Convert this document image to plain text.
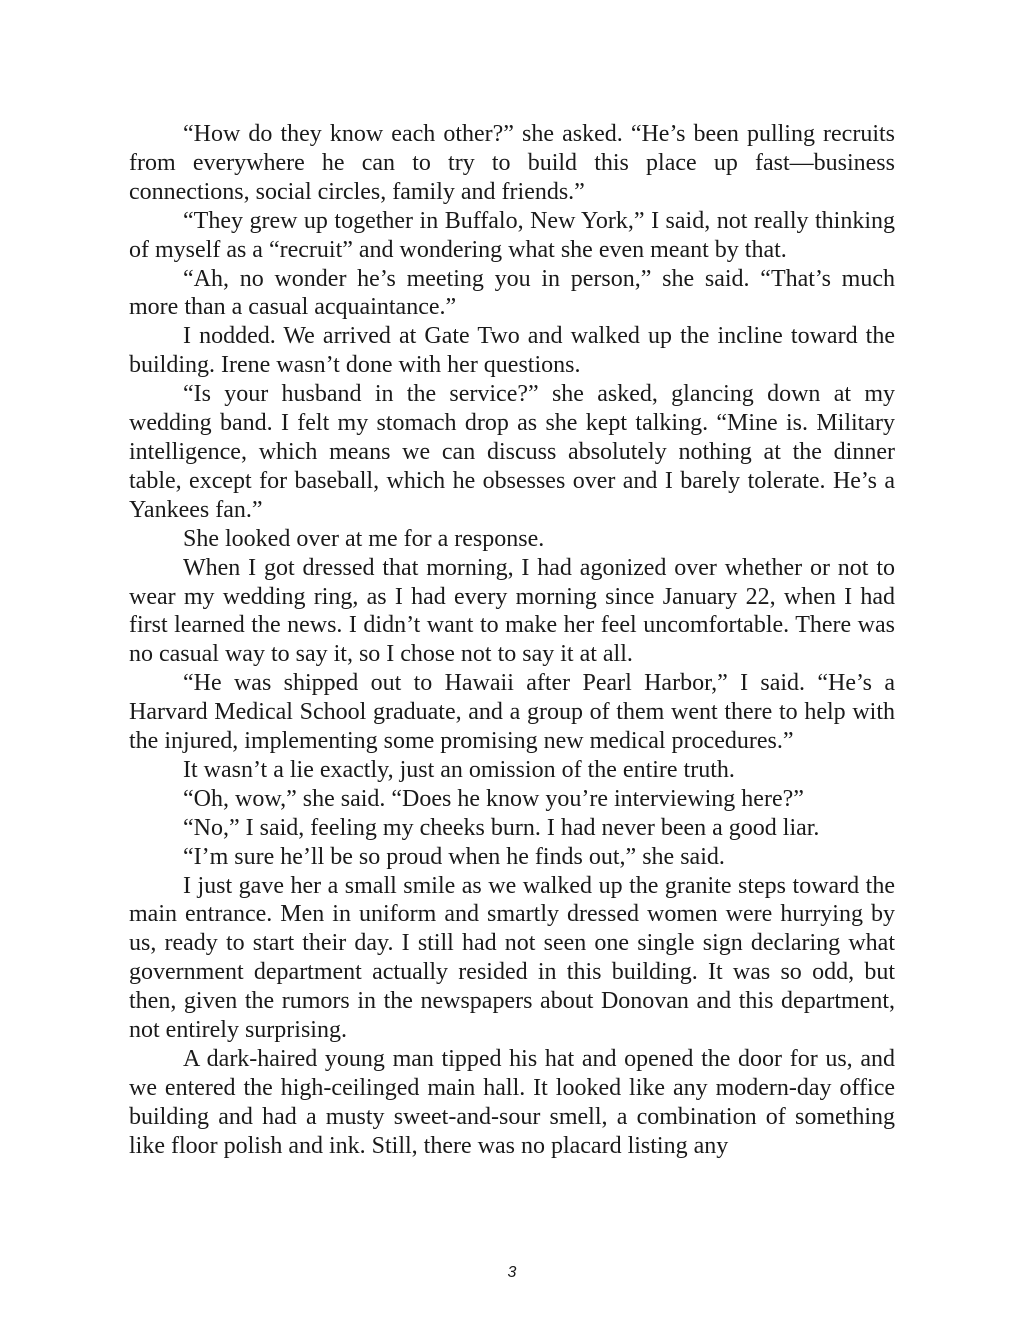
“How do they know each other?” she asked. “He’s been pulling recruits from everywhere he can to try to build this place up fast—business connections, social circles, family and friends.”

“They grew up together in Buffalo, New York,” I said, not really thinking of myself as a “recruit” and wondering what she even meant by that.

“Ah, no wonder he’s meeting you in person,” she said. “That’s much more than a casual acquaintance.”

I nodded. We arrived at Gate Two and walked up the incline toward the building. Irene wasn’t done with her questions.

“Is your husband in the service?” she asked, glancing down at my wedding band. I felt my stomach drop as she kept talking. “Mine is. Military intelligence, which means we can discuss absolutely nothing at the dinner table, except for baseball, which he obsesses over and I barely tolerate. He’s a Yankees fan.”

She looked over at me for a response.

When I got dressed that morning, I had agonized over whether or not to wear my wedding ring, as I had every morning since January 22, when I had first learned the news. I didn’t want to make her feel uncomfortable. There was no casual way to say it, so I chose not to say it at all.

“He was shipped out to Hawaii after Pearl Harbor,” I said. “He’s a Harvard Medical School graduate, and a group of them went there to help with the injured, implementing some promising new medical procedures.”

It wasn’t a lie exactly, just an omission of the entire truth.

“Oh, wow,” she said. “Does he know you’re interviewing here?”

“No,” I said, feeling my cheeks burn. I had never been a good liar.

“I’m sure he’ll be so proud when he finds out,” she said.

I just gave her a small smile as we walked up the granite steps toward the main entrance. Men in uniform and smartly dressed women were hurrying by us, ready to start their day. I still had not seen one single sign declaring what government department actually resided in this building. It was so odd, but then, given the rumors in the newspapers about Donovan and this department, not entirely surprising.

A dark-haired young man tipped his hat and opened the door for us, and we entered the high-ceilinged main hall. It looked like any modern-day office building and had a musty sweet-and-sour smell, a combination of something like floor polish and ink. Still, there was no placard listing any

3
